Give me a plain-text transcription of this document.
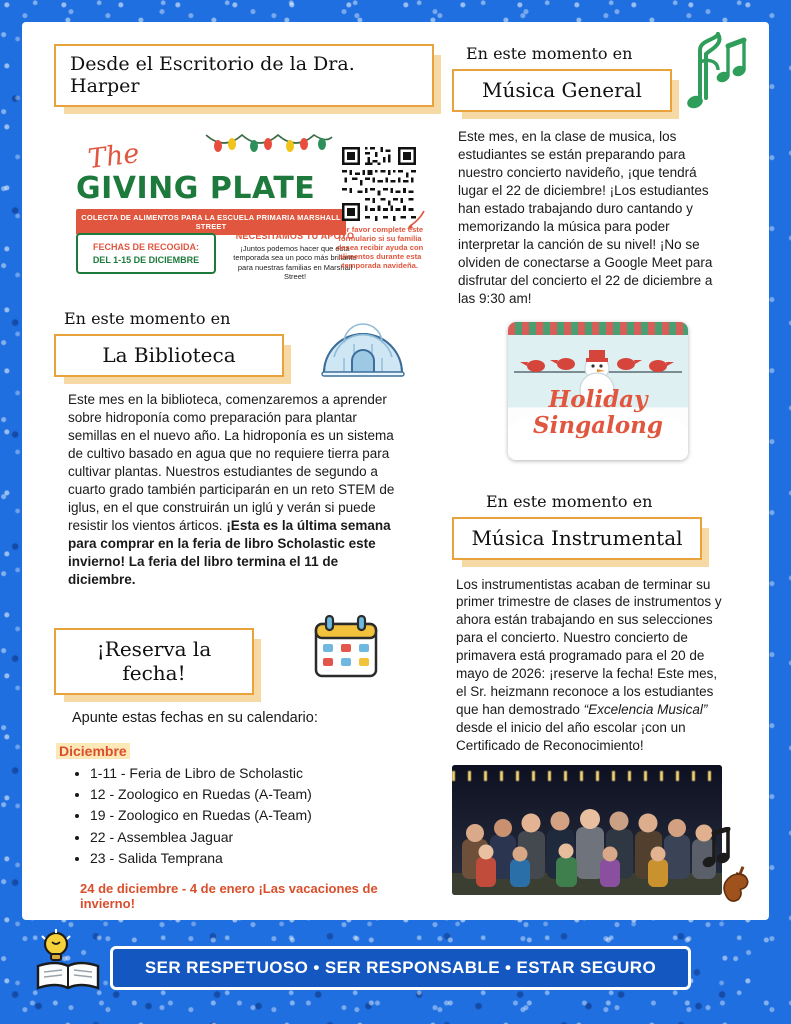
Desde el Escritorio de la Dra. Harper
The
GIVING PLATE
COLECTA DE ALIMENTOS PARA LA ESCUELA PRIMARIA MARSHALL STREET
FECHAS DE RECOGIDA:
DEL 1-15 DE DICIEMBRE
NECESITAMOS TU APOYO
¡Juntos podemos hacer que esta temporada sea un poco más brillante para nuestras familias en Marshall Street!
Por favor complete este formulario si su familia desea recibir ayuda con alimentos durante esta temporada navideña.
En este momento en
La Biblioteca
Este mes en la biblioteca, comenzaremos a aprender sobre hidroponía como preparación para plantar semillas en el nuevo año. La hidroponía es un sistema de cultivo basado en agua que no requiere tierra para cultivar plantas. Nuestros estudiantes de segundo a cuarto grado también participarán en un reto STEM de iglus, en el que construirán un iglú y verán si puede resistir los vientos árticos. ¡Esta es la última semana para comprar en la feria de libro Scholastic este invierno! La feria del libro termina el 11 de diciembre.
¡Reserva la fecha!
Apunte estas fechas en su calendario:
Diciembre
• 1-11 - Feria de Libro de Scholastic
• 12 - Zoologico en Ruedas (A-Team)
• 19 - Zoologico en Ruedas (A-Team)
• 22 - Assemblea Jaguar
• 23 - Salida Temprana
24 de diciembre - 4 de enero ¡Las vacaciones de invierno!
En este momento en
Música General
Este mes, en la clase de musica, los estudiantes se están preparando para nuestro concierto navideño, ¡que tendrá lugar el 22 de diciembre! ¡Los estudiantes han estado trabajando duro cantando y memorizando la música para poder interpretar la canción de su nivel! ¡No se olviden de conectarse a Google Meet para disfrutar del concierto el 22 de diciembre a las 9:30 am!
Holiday
Singalong
En este momento en
Música Instrumental
Los instrumentistas acaban de terminar su primer trimestre de clases de instrumentos y ahora están trabajando en sus selecciones para el concierto. Nuestro concierto de primavera está programado para el 20 de mayo de 2026: ¡reserve la fecha! Este mes, el Sr. heizmann reconoce a los estudiantes que han demostrado “Excelencia Musical” desde el inicio del año escolar ¡con un Certificado de Reconocimiento!
SER RESPETUOSO • SER RESPONSABLE • ESTAR SEGURO
